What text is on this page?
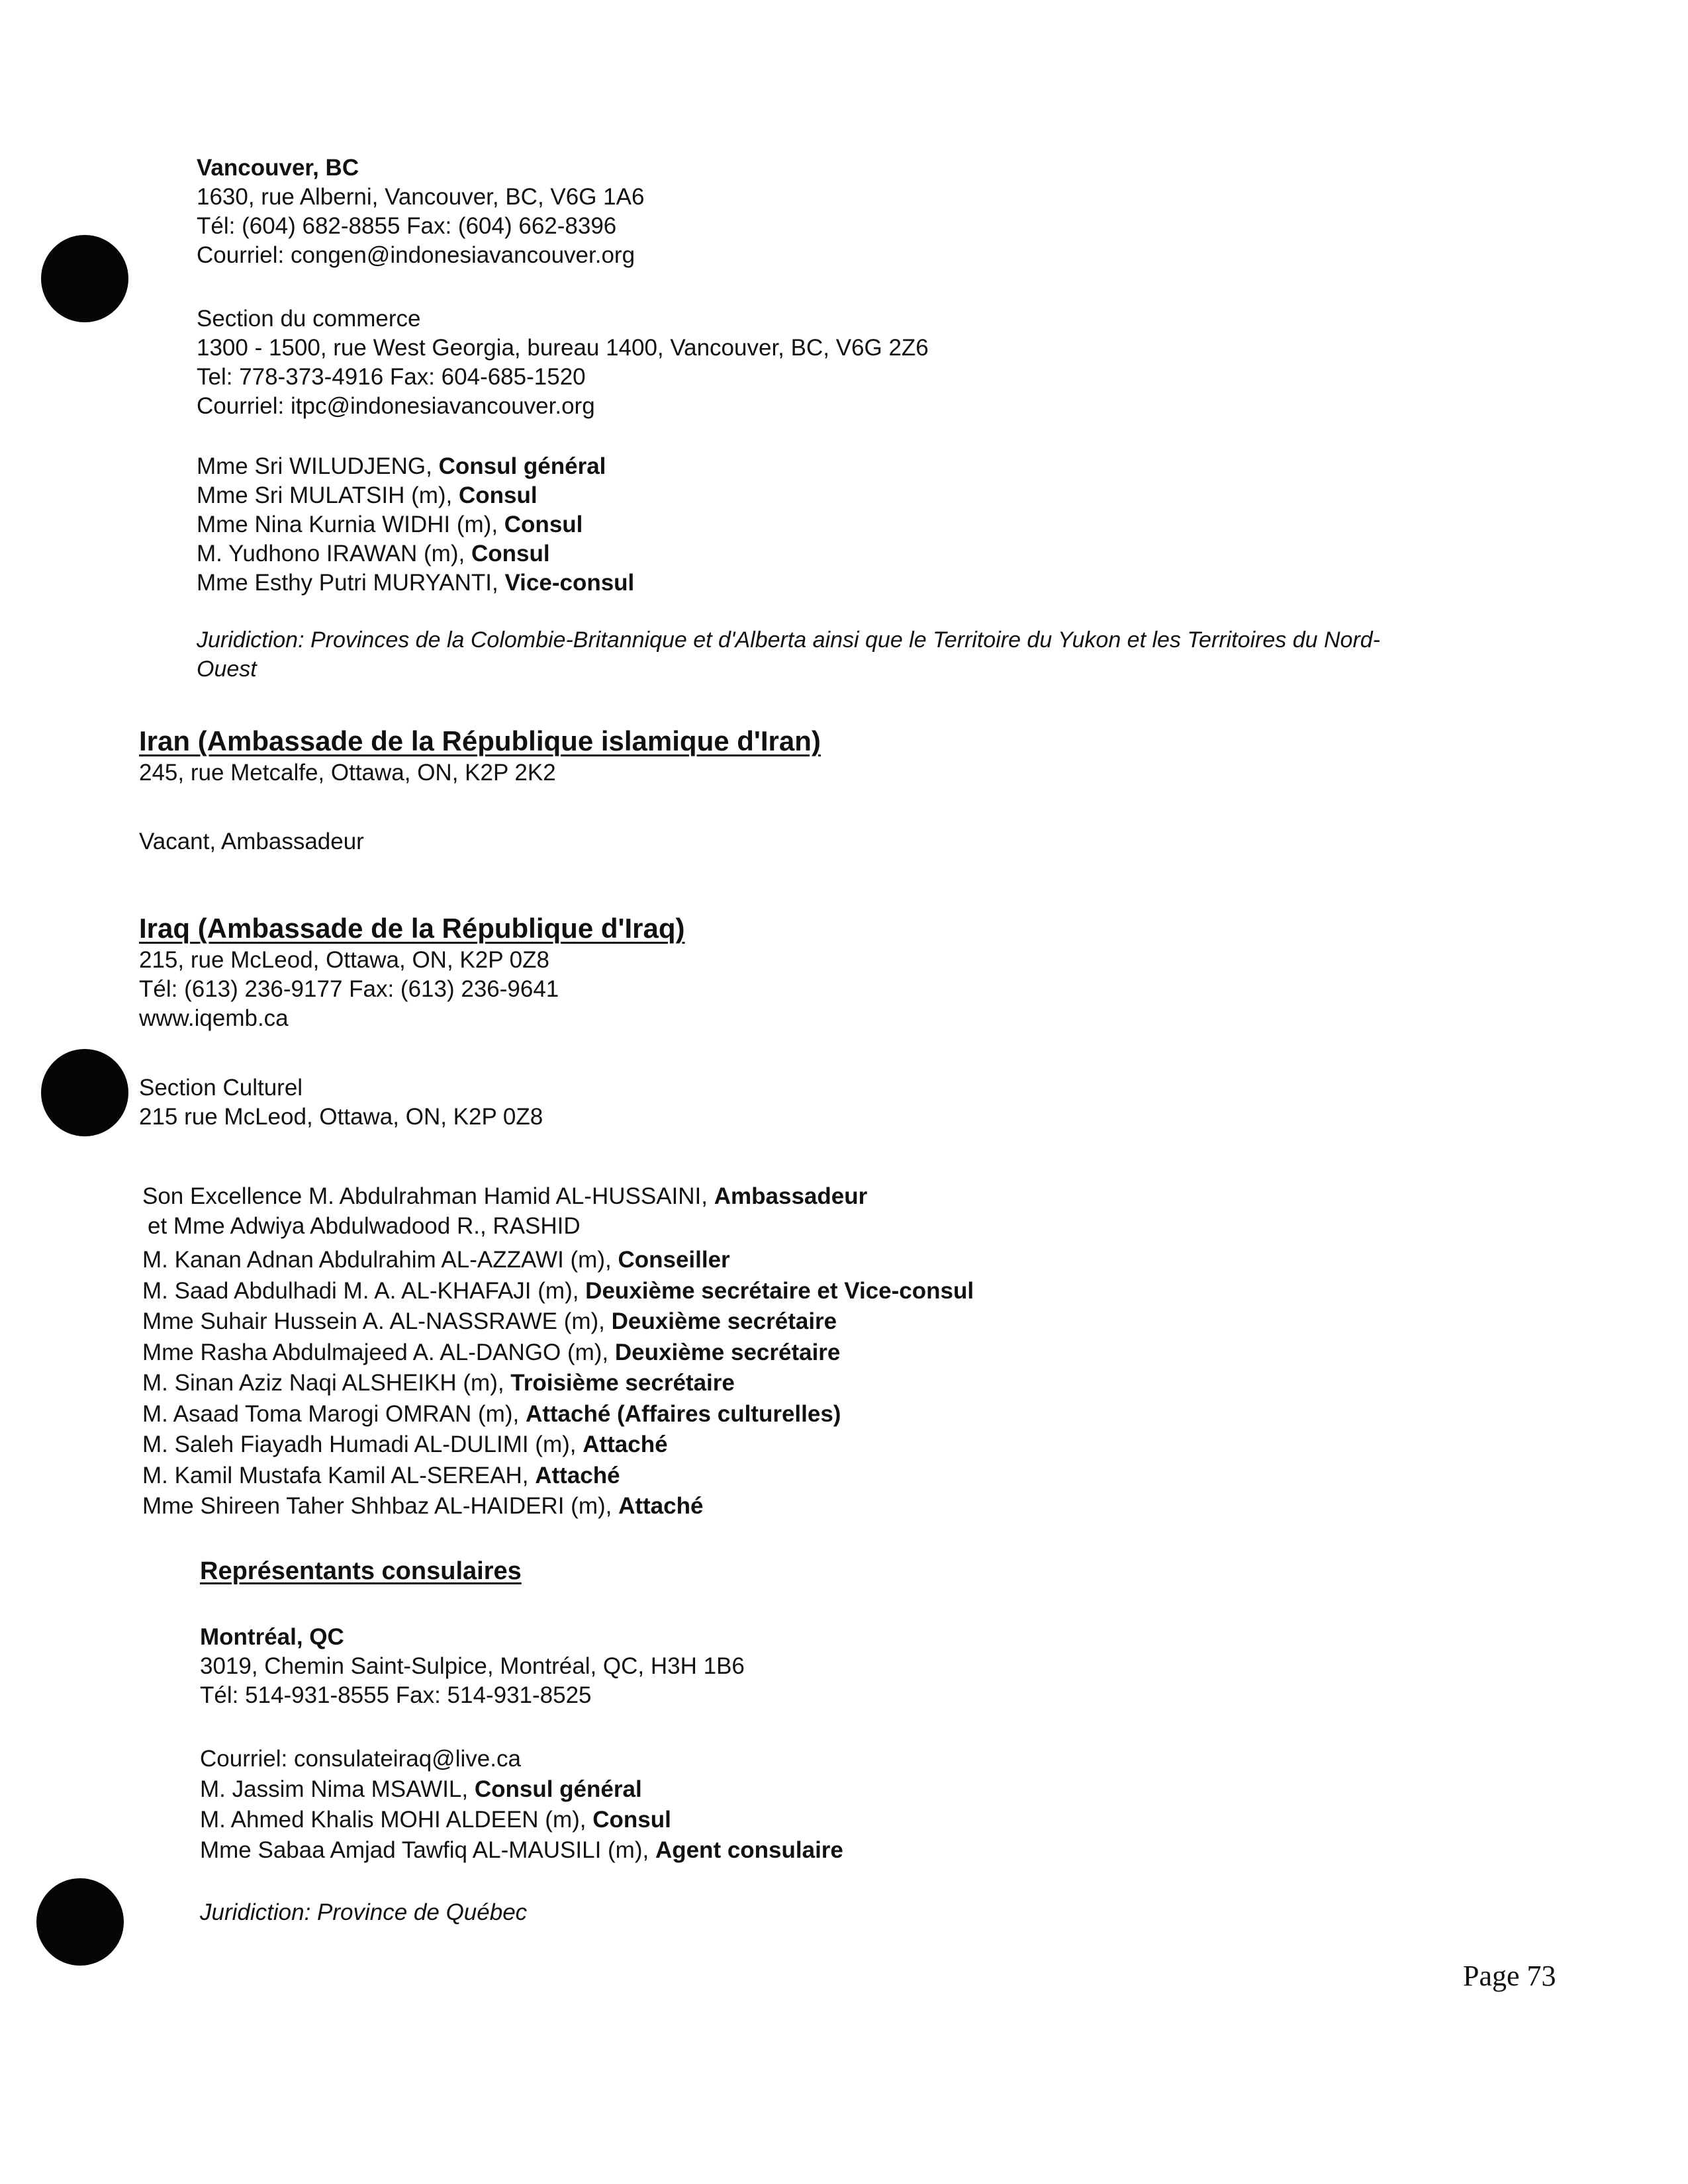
Vancouver, BC
1630, rue Alberni, Vancouver, BC, V6G 1A6
Tél: (604) 682-8855 Fax: (604) 662-8396
Courriel: congen@indonesiavancouver.org
Section du commerce
1300 - 1500, rue West Georgia, bureau 1400, Vancouver, BC, V6G 2Z6
Tel: 778-373-4916 Fax: 604-685-1520
Courriel: itpc@indonesiavancouver.org
Mme Sri WILUDJENG, Consul général
Mme Sri MULATSIH (m), Consul
Mme Nina Kurnia WIDHI (m), Consul
M. Yudhono IRAWAN (m), Consul
Mme Esthy Putri MURYANTI, Vice-consul
Juridiction: Provinces de la Colombie-Britannique et d'Alberta ainsi que le Territoire du Yukon et les Territoires du Nord-
Ouest
Iran (Ambassade de la République islamique d'Iran)
245, rue Metcalfe, Ottawa, ON, K2P 2K2
Vacant, Ambassadeur
Iraq (Ambassade de la République d'Iraq)
215, rue McLeod, Ottawa, ON, K2P 0Z8
Tél: (613) 236-9177 Fax: (613) 236-9641
www.iqemb.ca
Section Culturel
215 rue McLeod, Ottawa, ON, K2P 0Z8
Son Excellence M. Abdulrahman Hamid AL-HUSSAINI, Ambassadeur
et Mme Adwiya Abdulwadood R., RASHID
M. Kanan Adnan Abdulrahim AL-AZZAWI (m), Conseiller
M. Saad Abdulhadi M. A. AL-KHAFAJI (m), Deuxième secrétaire et Vice-consul
Mme Suhair Hussein A. AL-NASSRAWE (m), Deuxième secrétaire
Mme Rasha Abdulmajeed A. AL-DANGO (m), Deuxième secrétaire
M. Sinan Aziz Naqi ALSHEIKH (m), Troisième secrétaire
M. Asaad Toma Marogi OMRAN (m), Attaché (Affaires culturelles)
M. Saleh Fiayadh Humadi AL-DULIMI (m), Attaché
M. Kamil Mustafa Kamil AL-SEREAH, Attaché
Mme Shireen Taher Shhbaz AL-HAIDERI (m), Attaché
Représentants consulaires
Montréal, QC
3019, Chemin Saint-Sulpice, Montréal, QC, H3H 1B6
Tél: 514-931-8555 Fax: 514-931-8525
Courriel: consulateiraq@live.ca
M. Jassim Nima MSAWIL, Consul général
M. Ahmed Khalis MOHI ALDEEN (m), Consul
Mme Sabaa Amjad Tawfiq AL-MAUSILI (m), Agent consulaire
Juridiction: Province de Québec
Page 73
